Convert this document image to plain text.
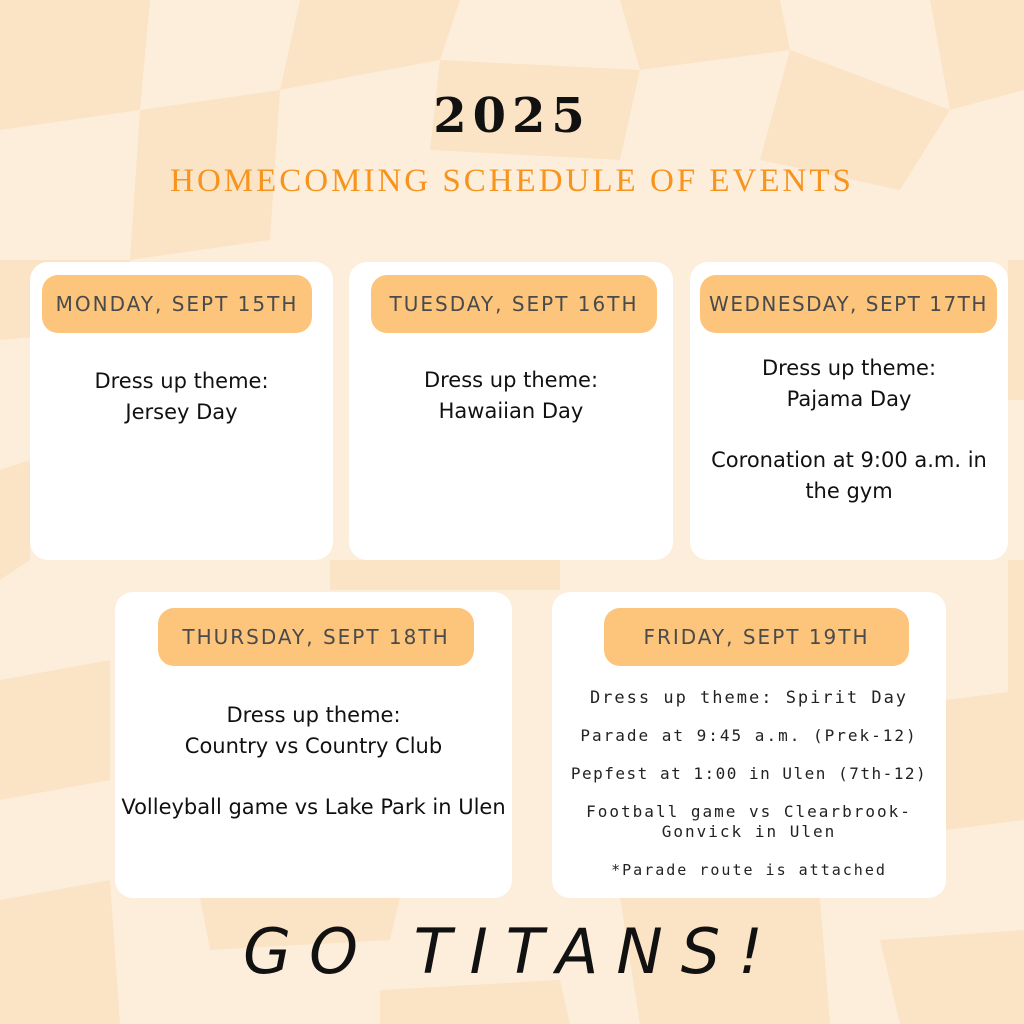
2025
HOMECOMING SCHEDULE OF EVENTS
MONDAY, SEPT 15TH

Dress up theme:

Jersey Day

TUESDAY, SEPT 16TH

Dress up theme:

Hawaiian Day

WEDNESDAY, SEPT 17TH

Dress up theme:

Pajama Day

Coronation at 9:00 a.m. in the gym

THURSDAY, SEPT 18TH

Dress up theme:

Country vs Country Club

Volleyball game vs Lake Park in Ulen

FRIDAY, SEPT 19TH
Dress up theme: Spirit Day
Parade at 9:45 a.m. (Prek-12)
Pepfest at 1:00 in Ulen (7th-12)
Football game vs Clearbrook-Gonvick in Ulen
*Parade route is attached
GO TITANS!
